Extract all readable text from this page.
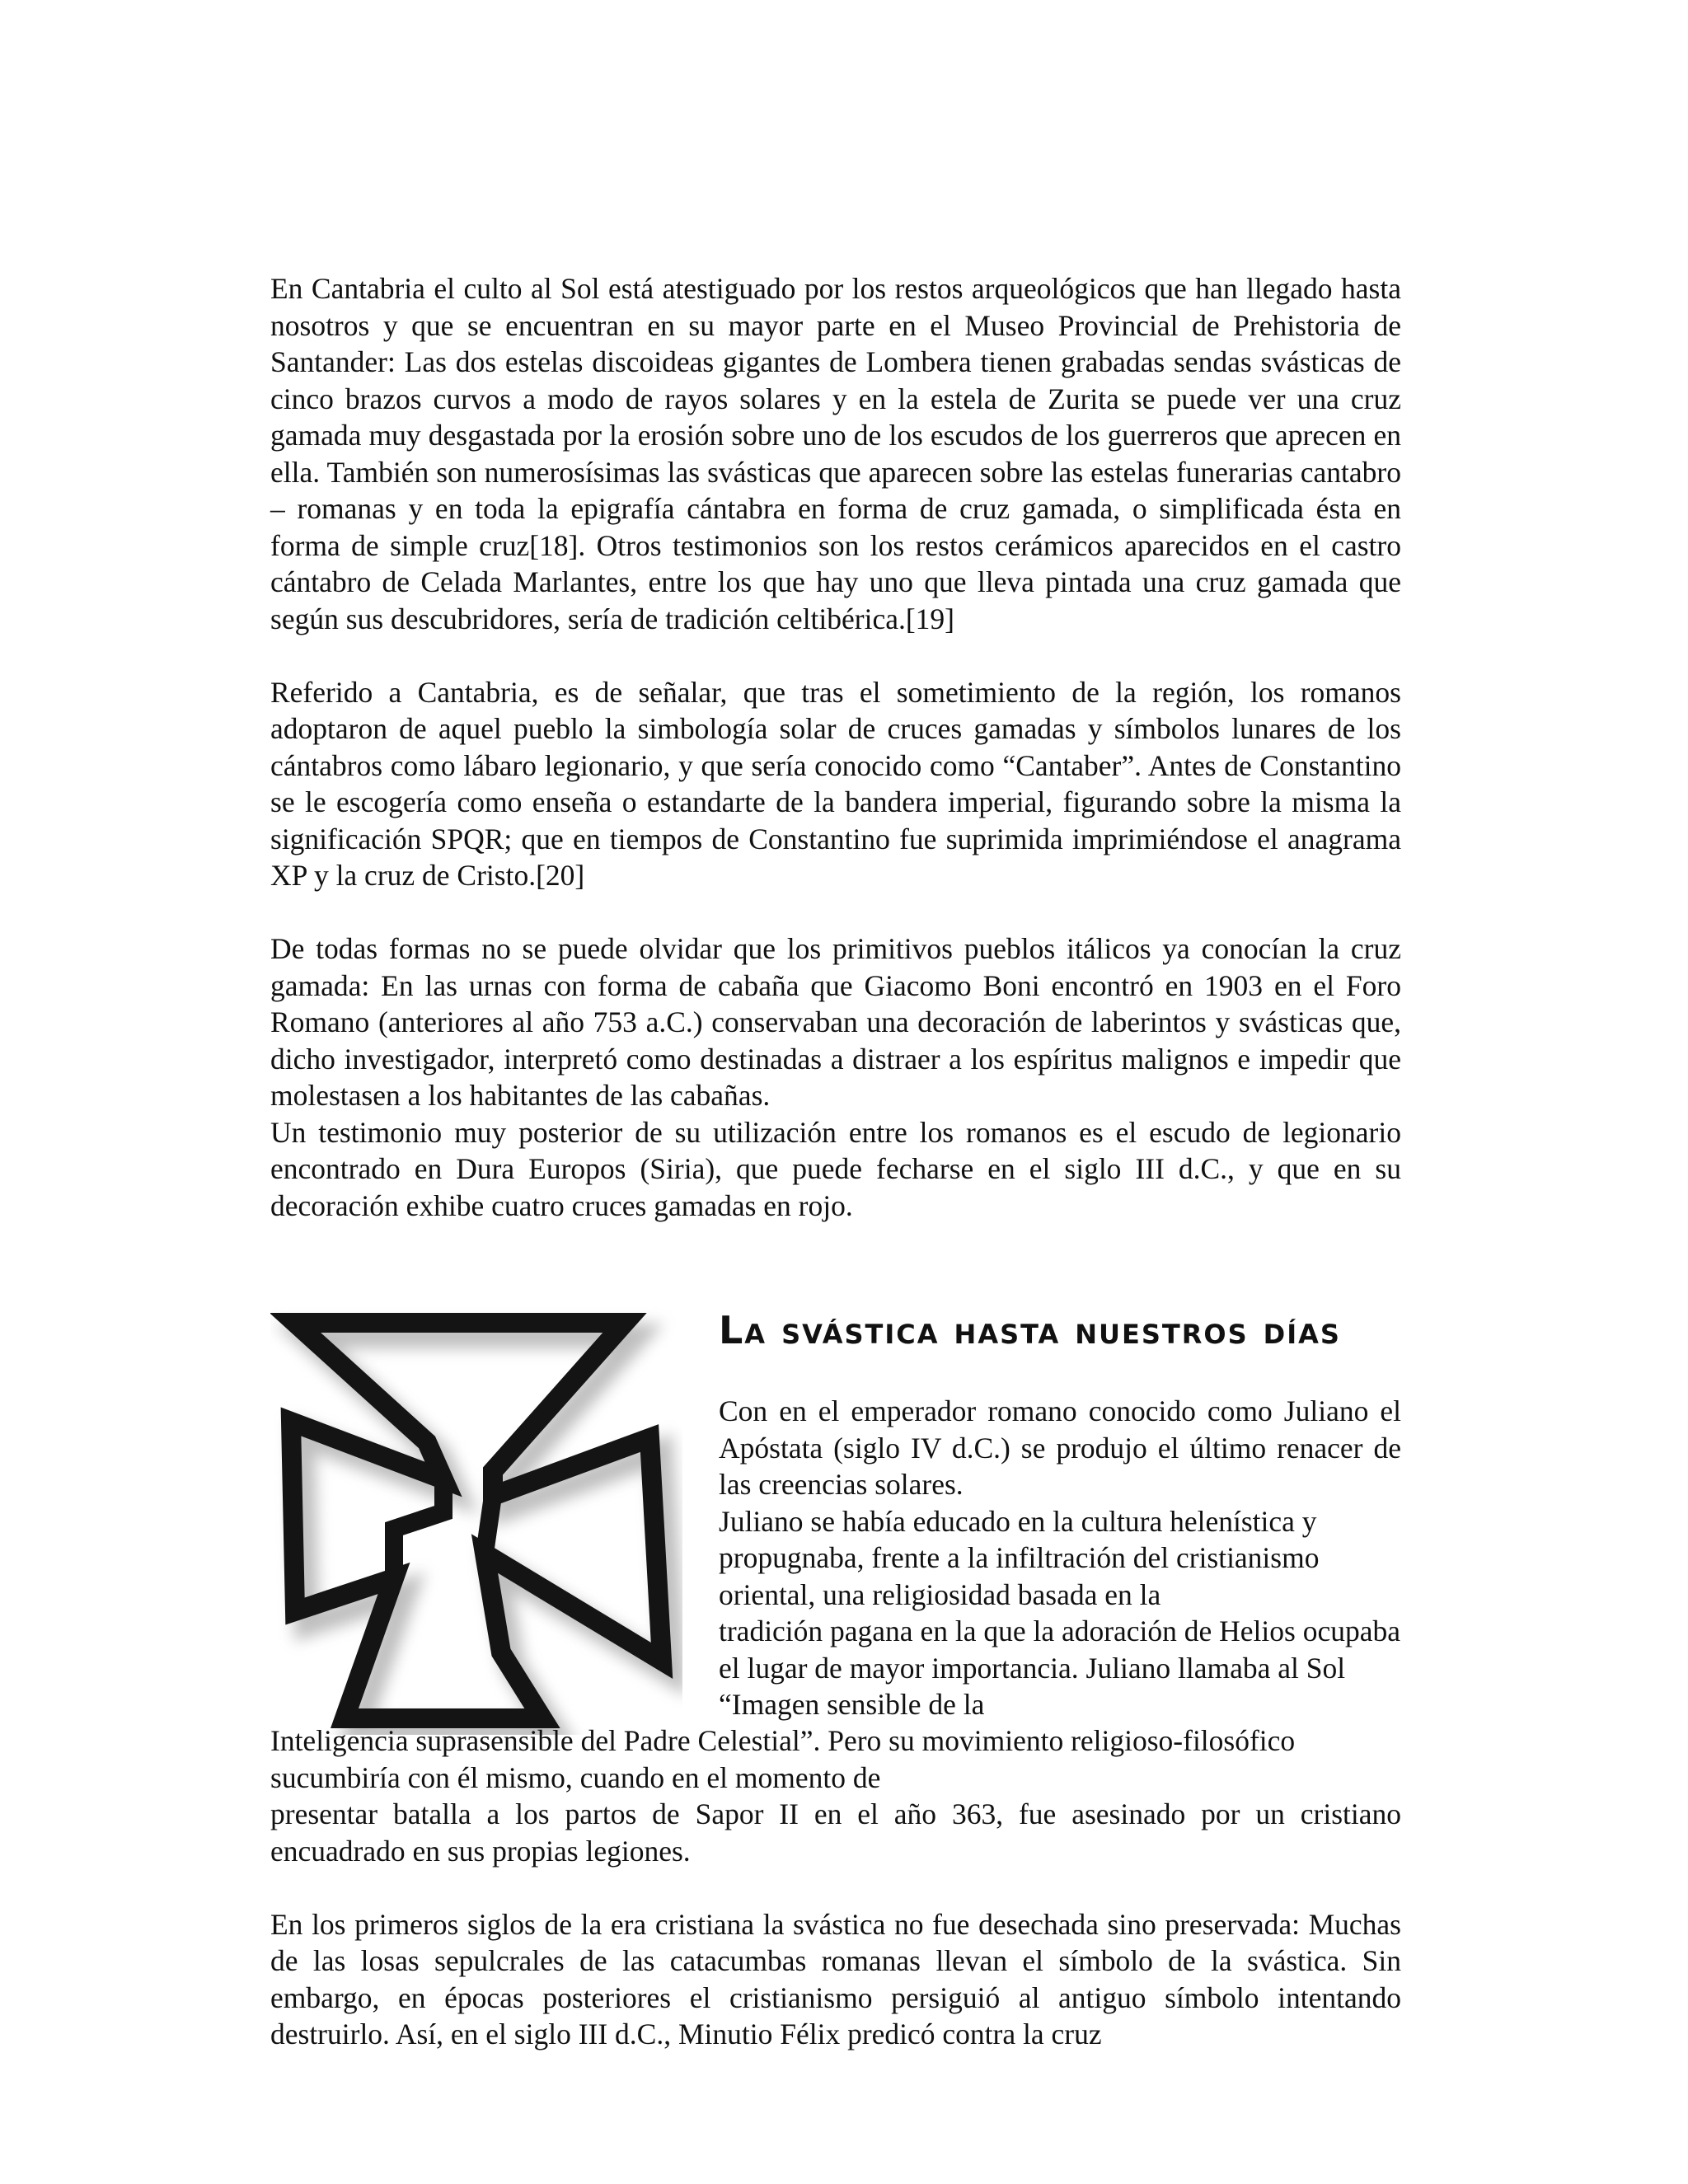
En Cantabria el culto al Sol está atestiguado por los restos arqueológicos que han llegado hasta nosotros y que se encuentran en su mayor parte en el Museo Provincial de Prehistoria de Santander: Las dos estelas discoideas gigantes de Lombera tienen grabadas sendas svásticas de cinco brazos curvos a modo de rayos solares y en la estela de Zurita se puede ver una cruz gamada muy desgastada por la erosión sobre uno de los escudos de los guerreros que aprecen en ella. También son numerosísimas las svásticas que aparecen sobre las estelas funerarias cantabro – romanas y en toda la epigrafía cántabra en forma de cruz gamada, o simplificada ésta en forma de simple cruz[18]. Otros testimonios son los restos cerámicos aparecidos en el castro cántabro de Celada Marlantes, entre los que hay uno que lleva pintada una cruz gamada que según sus descubridores, sería de tradición celtibérica.[19]

Referido a Cantabria, es de señalar, que tras el sometimiento de la región, los romanos adoptaron de aquel pueblo la simbología solar de cruces gamadas y símbolos lunares de los cántabros como lábaro legionario, y que sería conocido como “Cantaber”. Antes de Constantino se le escogería como enseña o estandarte de la bandera imperial, figurando sobre la misma la significación SPQR; que en tiempos de Constantino fue suprimida imprimiéndose el anagrama XP y la cruz de Cristo.[20]

De todas formas no se puede olvidar que los primitivos pueblos itálicos ya conocían la cruz gamada: En las urnas con forma de cabaña que Giacomo Boni encontró en 1903 en el Foro Romano (anteriores al año 753 a.C.) conservaban una decoración de laberintos y svásticas que, dicho investigador, interpretó como destinadas a distraer a los espíritus malignos e impedir que molestasen a los habitantes de las cabañas.

Un testimonio muy posterior de su utilización entre los romanos es el escudo de legionario encontrado en Dura Europos (Siria), que puede fecharse en el siglo III d.C., y que en su decoración exhibe cuatro cruces gamadas en rojo.

La svástica hasta nuestros días

Con en el emperador romano conocido como Juliano el Apóstata (siglo IV d.C.) se produjo el último renacer de las creencias solares.

Juliano se había educado en la cultura helenística y propugnaba, frente a la infiltración del cristianismo oriental, una religiosidad basada en la

tradición pagana en la que la adoración de Helios ocupaba el lugar de mayor importancia. Juliano llamaba al Sol “Imagen sensible de la

Inteligencia suprasensible del Padre Celestial”. Pero su movimiento religioso-filosófico sucumbiría con él mismo, cuando en el momento de

presentar batalla a los partos de Sapor II en el año 363, fue asesinado por un cristiano encuadrado en sus propias legiones.

En los primeros siglos de la era cristiana la svástica no fue desechada sino preservada: Muchas de las losas sepulcrales de las catacumbas romanas llevan el símbolo de la svástica. Sin embargo, en épocas posteriores el cristianismo persiguió al antiguo símbolo intentando destruirlo. Así, en el siglo III d.C., Minutio Félix predicó contra la cruz
